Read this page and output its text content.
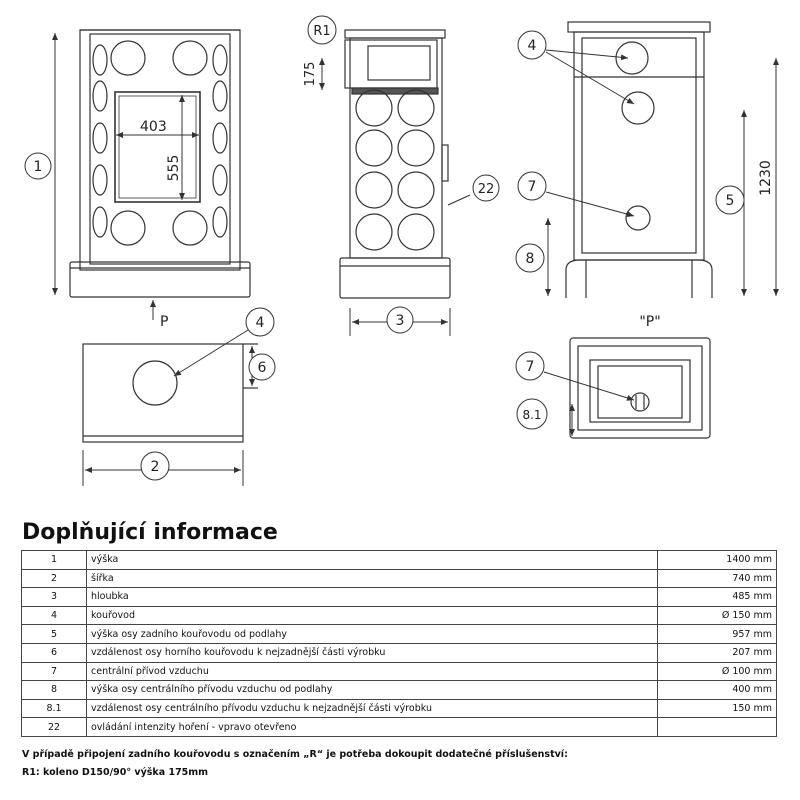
1
403
555
P
R1
175
22
3
4
7
8
5
1230
"P"
4
6
2
7
8.1
Doplňující informace
1	výška	1400 mm
2	šířka	740 mm
3	hloubka	485 mm
4	kouřovod	Ø 150 mm
5	výška osy zadního kouřovodu od podlahy	957 mm
6	vzdálenost osy horního kouřovodu k nejzadnější části výrobku	207 mm
7	centrální přívod vzduchu	Ø 100 mm
8	výška osy centrálního přívodu vzduchu od podlahy	400 mm
8.1	vzdálenost osy centrálního přívodu vzduchu k nejzadnější části výrobku	150 mm
22	ovládání intenzity hoření - vpravo otevřeno	
V případě připojení zadního kouřovodu s označením „R“ je potřeba dokoupit dodatečné příslušenství:
R1: koleno D150/90° výška 175mm
